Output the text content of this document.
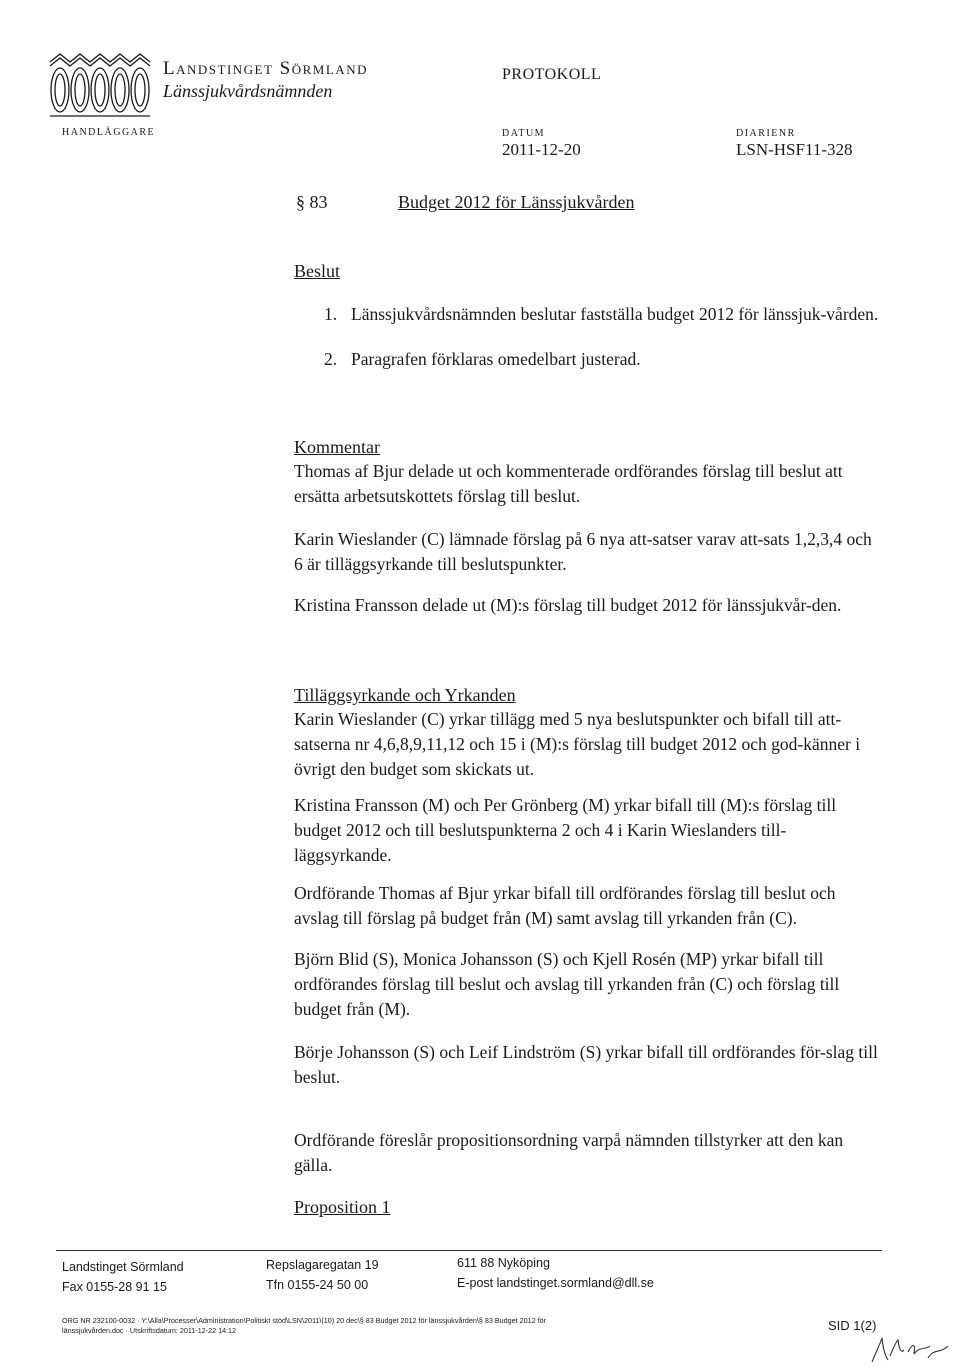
Landstinget Sörmland
Länssjukvårdsnämnden
PROTOKOLL
HANDLÄGGARE	DATUM
2011-12-20
DIARIENR
LSN-HSF11-328
§ 83	Budget 2012 för Länssjukvården
Beslut
1. Länssjukvårdsnämnden beslutar fastställa budget 2012 för länssjuk-vården.
2. Paragrafen förklaras omedelbart justerad.
Kommentar
Thomas af Bjur delade ut och kommenterade ordförandes förslag till beslut att ersätta arbetsutskottets förslag till beslut.
Karin Wieslander (C) lämnade förslag på 6 nya att-satser varav att-sats 1,2,3,4 och 6 är tilläggsyrkande till beslutspunkter.
Kristina Fransson delade ut (M):s förslag till budget 2012 för länssjukvår-den.
Tilläggsyrkande och Yrkanden
Karin Wieslander (C) yrkar tillägg med 5 nya beslutspunkter och bifall till att-satserna nr 4,6,8,9,11,12 och 15 i (M):s förslag till budget 2012 och god-känner i övrigt den budget som skickats ut.
Kristina Fransson (M) och Per Grönberg (M) yrkar bifall till (M):s förslag till budget 2012 och till beslutspunkterna 2 och 4 i Karin Wieslanders till-läggsyrkande.
Ordförande Thomas af Bjur yrkar bifall till ordförandes förslag till beslut och avslag till förslag på budget från (M) samt avslag till yrkanden från (C).
Björn Blid (S), Monica Johansson (S) och Kjell Rosén (MP) yrkar bifall till ordförandes förslag till beslut och avslag till yrkanden från (C) och förslag till budget från (M).
Börje Johansson (S) och Leif Lindström (S) yrkar bifall till ordförandes för-slag till beslut.
Ordförande föreslår propositionsordning varpå nämnden tillstyrker att den kan gälla.
Proposition 1
Landstinget Sörmland
Fax 0155-28 91 15
Repslagaregatan 19
Tfn 0155-24 50 00
611 88 Nyköping
E-post landstinget.sormland@dll.se
ORG NR 232100-0032 · Y:\Alla\Processer\Administration\Politiskt stöd\LSN\2011\(10) 20 dec\§ 83 Budget 2012 för länssjukvården\§ 83 Budget 2012 för
länssjukvården.doc · Utskriftsdatum: 2011-12-22 14:12	SID 1(2)
